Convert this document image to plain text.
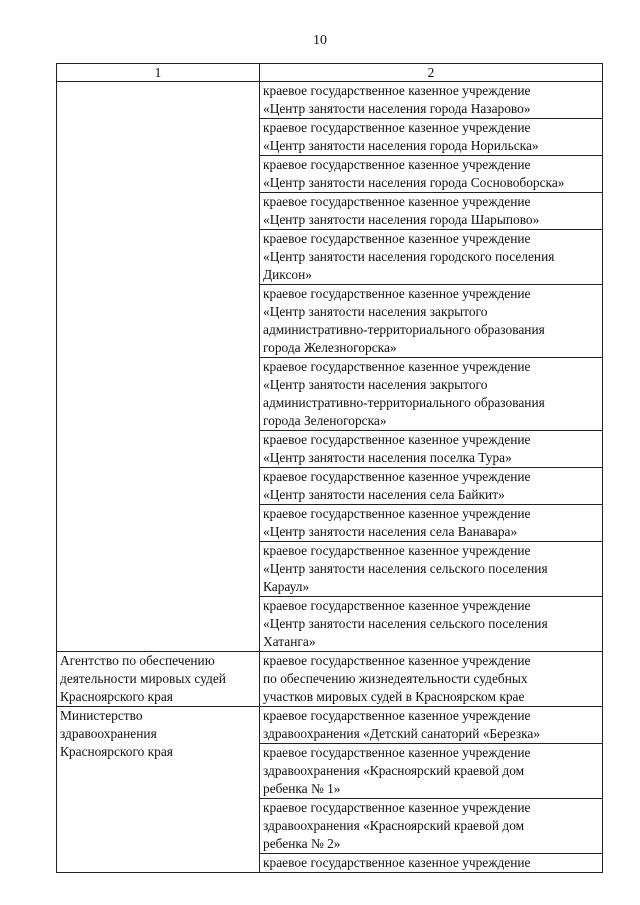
10
1	2

	краевое государственное казенное учреждение
«Центр занятости населения города Назарово»

	краевое государственное казенное учреждение
«Центр занятости населения города Норильска»

	краевое государственное казенное учреждение
«Центр занятости населения города Сосновоборска»

	краевое государственное казенное учреждение
«Центр занятости населения города Шарыпово»

	краевое государственное казенное учреждение
«Центр занятости населения городского поселения
Диксон»

	краевое государственное казенное учреждение
«Центр занятости населения закрытого
административно-территориального образования
города Железногорска»

	краевое государственное казенное учреждение
«Центр занятости населения закрытого
административно-территориального образования
города Зеленогорска»

	краевое государственное казенное учреждение
«Центр занятости населения поселка Тура»

	краевое государственное казенное учреждение
«Центр занятости населения села Байкит»

	краевое государственное казенное учреждение
«Центр занятости населения села Ванавара»

	краевое государственное казенное учреждение
«Центр занятости населения сельского поселения
Караул»

	краевое государственное казенное учреждение
«Центр занятости населения сельского поселения
Хатанга»

Агентство по обеспечению
деятельности мировых судей
Красноярского края	краевое государственное казенное учреждение
по обеспечению жизнедеятельности судебных
участков мировых судей в Красноярском крае

Министерство
здравоохранения
Красноярского края	краевое государственное казенное учреждение
здравоохранения «Детский санаторий «Березка»

	краевое государственное казенное учреждение
здравоохранения «Красноярский краевой дом
ребенка № 1»

	краевое государственное казенное учреждение
здравоохранения «Красноярский краевой дом
ребенка № 2»

	краевое государственное казенное учреждение
